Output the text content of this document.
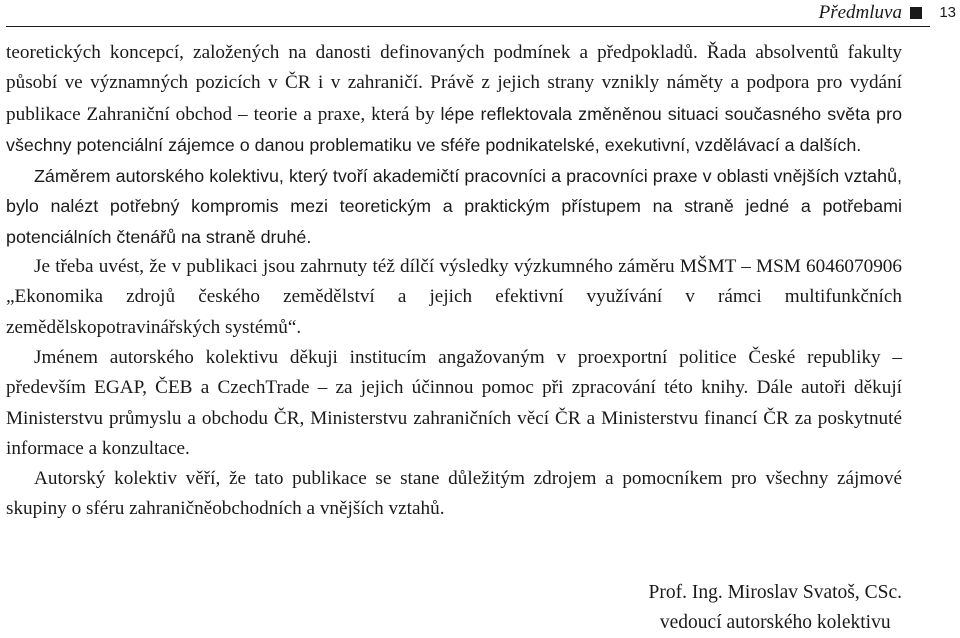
Předmluva 13

teoretických koncepcí, založených na danosti definovaných podmínek a předpokladů. Řada absolventů fakulty působí ve významných pozicích v ČR i v zahraničí. Právě z jejich strany vznikly náměty a podpora pro vydání publikace Zahraniční obchod – teorie a praxe, která by lépe reflektovala změněnou situaci současného světa pro všechny potenciální zájemce o danou problematiku ve sféře podnikatelské, exekutivní, vzdělávací a dalších.

Záměrem autorského kolektivu, který tvoří akademičtí pracovníci a pracovníci praxe v oblasti vnějších vztahů, bylo nalézt potřebný kompromis mezi teoretickým a praktickým přístupem na straně jedné a potřebami potenciálních čtenářů na straně druhé.

Je třeba uvést, že v publikaci jsou zahrnuty též dílčí výsledky výzkumného záměru MŠMT – MSM 6046070906 „Ekonomika zdrojů českého zemědělství a jejich efektivní využívání v rámci multifunkčních zemědělskopotravinářských systémů“.

Jménem autorského kolektivu děkuji institucím angažovaným v proexportní politice České republiky – především EGAP, ČEB a CzechTrade – za jejich účinnou pomoc při zpracování této knihy. Dále autoři děkují Ministerstvu průmyslu a obchodu ČR, Ministerstvu zahraničních věcí ČR a Ministerstvu financí ČR za poskytnuté informace a konzultace.

Autorský kolektiv věří, že tato publikace se stane důležitým zdrojem a pomocníkem pro všechny zájmové skupiny o sféru zahraničněobchodních a vnějších vztahů.

Prof. Ing. Miroslav Svatoš, CSc.
vedoucí autorského kolektivu
